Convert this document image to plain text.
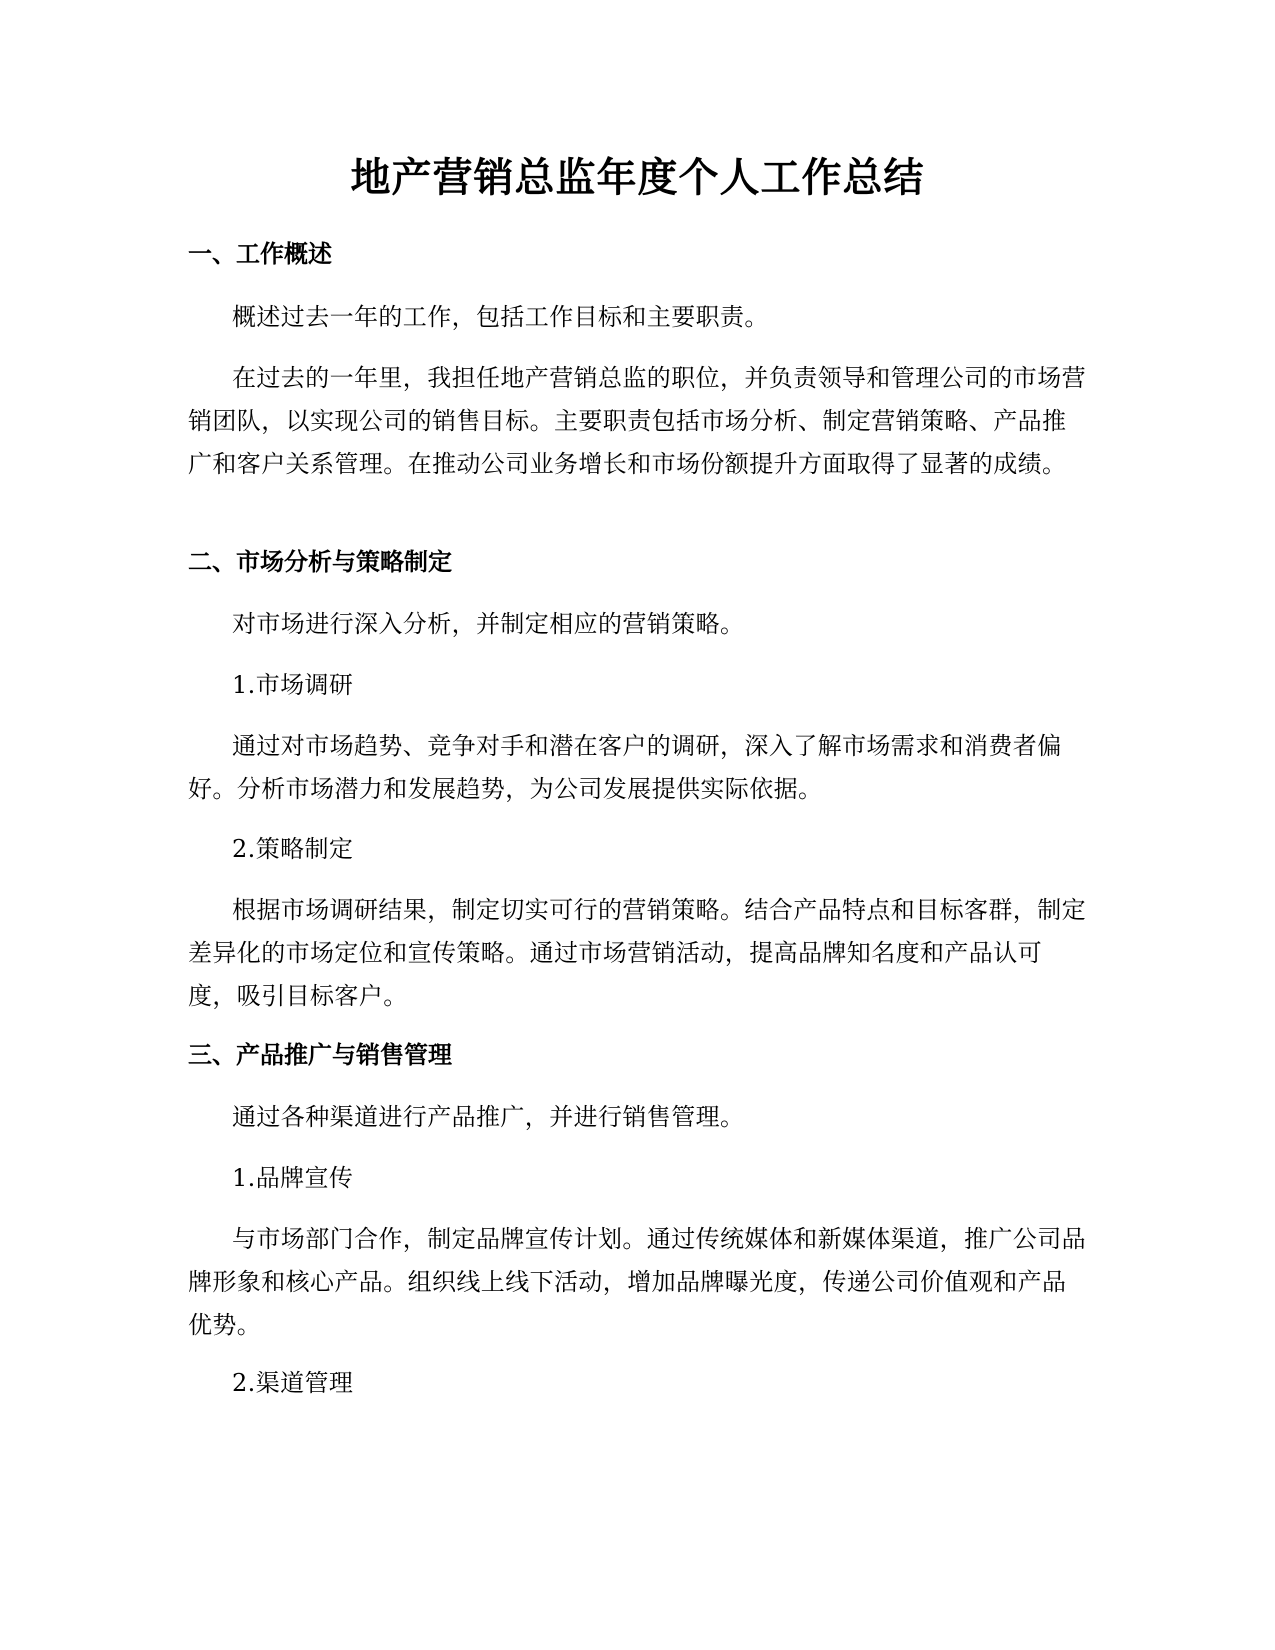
地产营销总监年度个人工作总结
一、工作概述

概述过去一年的工作，包括工作目标和主要职责。

在过去的一年里，我担任地产营销总监的职位，并负责领导和管理公司的市场营销团队，以实现公司的销售目标。主要职责包括市场分析、制定营销策略、产品推广和客户关系管理。在推动公司业务增长和市场份额提升方面取得了显著的成绩。

二、市场分析与策略制定

对市场进行深入分析，并制定相应的营销策略。

1.市场调研

通过对市场趋势、竞争对手和潜在客户的调研，深入了解市场需求和消费者偏好。分析市场潜力和发展趋势，为公司发展提供实际依据。

2.策略制定

根据市场调研结果，制定切实可行的营销策略。结合产品特点和目标客群，制定差异化的市场定位和宣传策略。通过市场营销活动，提高品牌知名度和产品认可度，吸引目标客户。

三、产品推广与销售管理

通过各种渠道进行产品推广，并进行销售管理。

1.品牌宣传

与市场部门合作，制定品牌宣传计划。通过传统媒体和新媒体渠道，推广公司品牌形象和核心产品。组织线上线下活动，增加品牌曝光度，传递公司价值观和产品优势。

2.渠道管理
